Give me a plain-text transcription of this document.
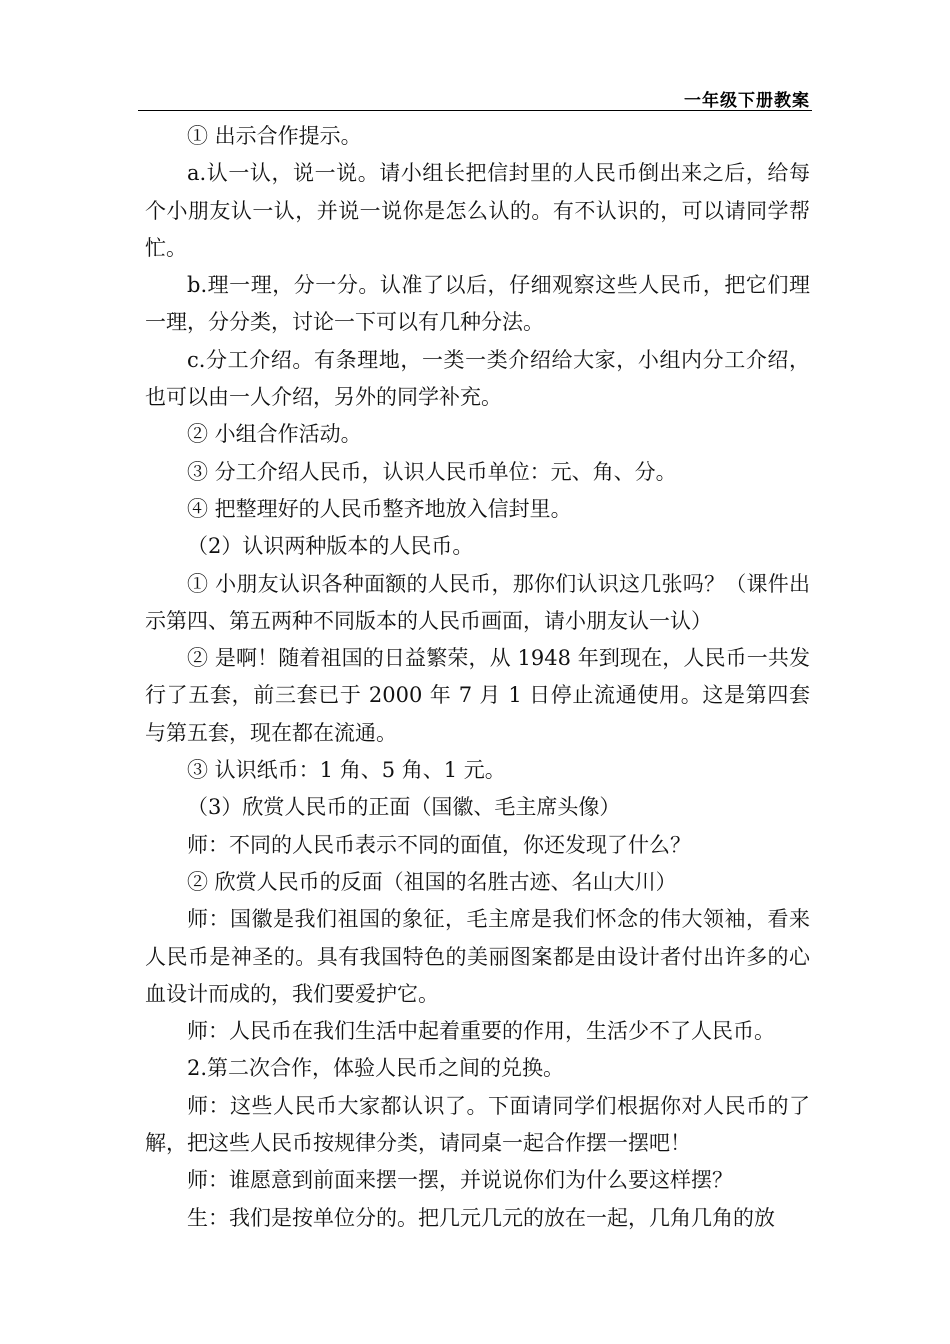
一年级下册教案

① 出示合作提示。

a.认一认，说一说。请小组长把信封里的人民币倒出来之后，给每个小朋友认一认，并说一说你是怎么认的。有不认识的，可以请同学帮忙。

b.理一理，分一分。认准了以后，仔细观察这些人民币，把它们理一理，分分类，讨论一下可以有几种分法。

c.分工介绍。有条理地，一类一类介绍给大家，小组内分工介绍，也可以由一人介绍，另外的同学补充。

② 小组合作活动。

③ 分工介绍人民币，认识人民币单位：元、角、分。

④ 把整理好的人民币整齐地放入信封里。

（2）认识两种版本的人民币。

① 小朋友认识各种面额的人民币，那你们认识这几张吗？（课件出示第四、第五两种不同版本的人民币画面，请小朋友认一认）

② 是啊！随着祖国的日益繁荣，从 1948 年到现在，人民币一共发行了五套，前三套已于 2000 年 7 月 1 日停止流通使用。这是第四套与第五套，现在都在流通。

③ 认识纸币：1 角、5 角、1 元。

（3）欣赏人民币的正面（国徽、毛主席头像）

师：不同的人民币表示不同的面值，你还发现了什么？

② 欣赏人民币的反面（祖国的名胜古迹、名山大川）

师：国徽是我们祖国的象征，毛主席是我们怀念的伟大领袖，看来人民币是神圣的。具有我国特色的美丽图案都是由设计者付出许多的心血设计而成的，我们要爱护它。

师：人民币在我们生活中起着重要的作用，生活少不了人民币。

2.第二次合作，体验人民币之间的兑换。

师：这些人民币大家都认识了。下面请同学们根据你对人民币的了解，把这些人民币按规律分类，请同桌一起合作摆一摆吧！

师：谁愿意到前面来摆一摆，并说说你们为什么要这样摆？

生：我们是按单位分的。把几元几元的放在一起，几角几角的放
